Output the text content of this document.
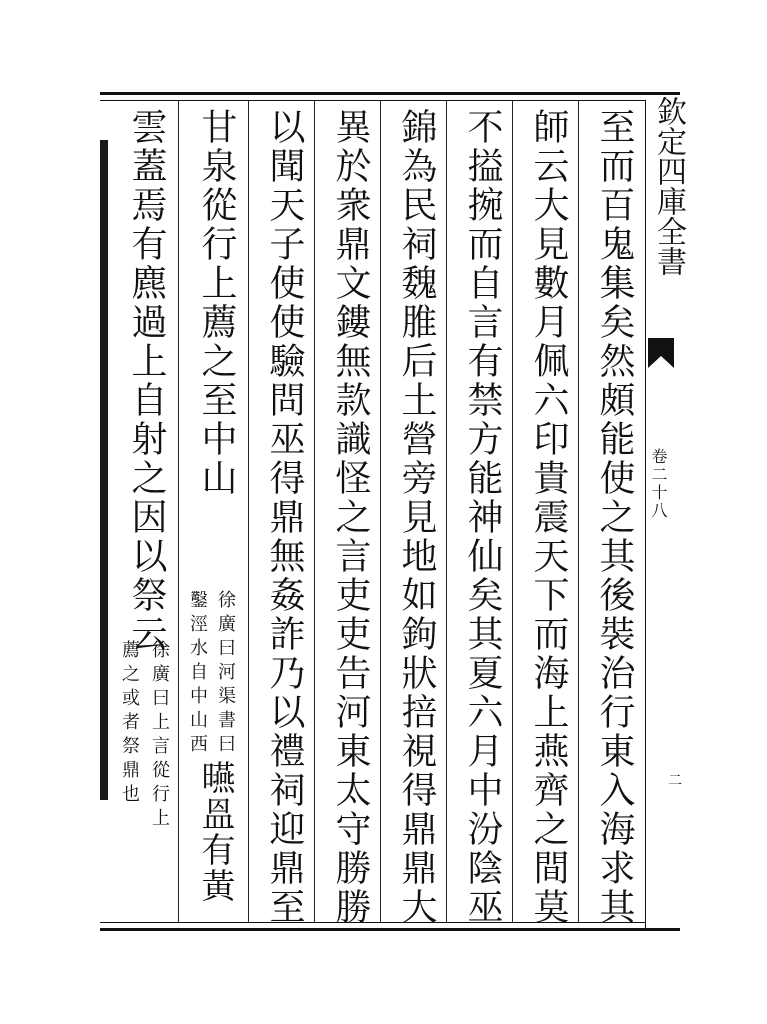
欽定四庫全書
卷二十八
二
至而百鬼集矣然頗能使之其後裝治行東入海求其
師云大見數月佩六印貴震天下而海上燕齊之間莫
不搤捥而自言有禁方能神仙矣其夏六月中汾陰巫
錦為民祠魏脽后土營旁見地如鉤狀掊視得鼎鼎大
異於衆鼎文鏤無款識怪之言吏吏告河東太守勝勝
以聞天子使使驗問巫得鼎無姦詐乃以禮祠迎鼎至
甘泉從行上薦之至中山
雲蓋焉有麃過上自射之因以祭云
徐廣曰河渠書曰
鑿涇水自中山西
曣𥁕有黃
徐廣曰上言從行上
薦之或者祭鼎也
